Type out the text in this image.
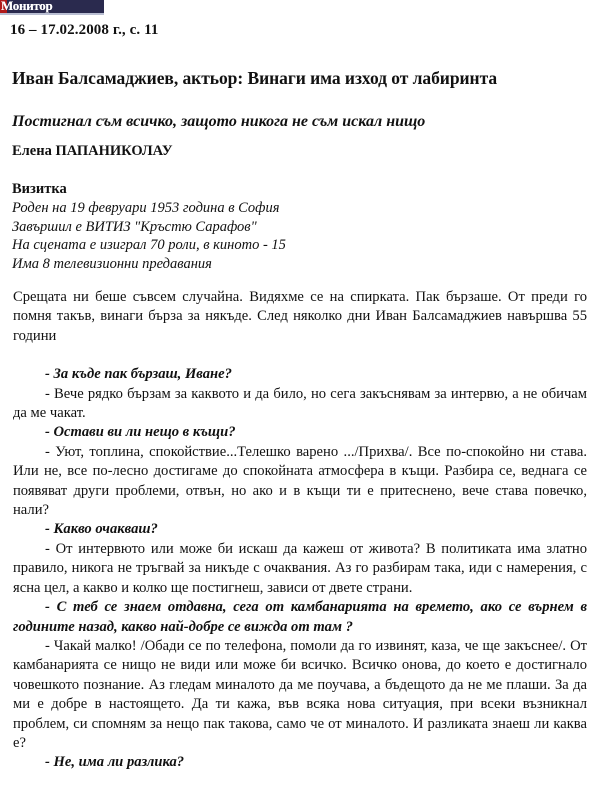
Монитор
16 – 17.02.2008 г., с. 11
Иван Балсамаджиев, актьор: Винаги има изход от лабиринта
Постигнал съм всичко, защото никога не съм искал нищо
Елена ПАПАНИКОЛАУ
Визитка
Роден на 19 февруари 1953 година в София
Завършил е ВИТИЗ "Кръстю Сарафов"
На сцената е изиграл 70 роли, в киното - 15
Има 8 телевизионни предавания

Срещата ни беше съвсем случайна. Видяхме се на спирката. Пак бързаше. От преди го помня такъв, винаги бърза за някъде. След няколко дни Иван Балсамаджиев навършва 55 години

- За къде пак бързаш, Иване?

- Вече рядко бързам за каквото и да било, но сега закъснявам за интервю, а не обичам да ме чакат.

- Остави ви ли нещо в къщи?

- Уют, топлина, спокойствие...Телешко варено .../Прихва/. Все по-спокойно ни става. Или не, все по-лесно достигаме до спокойната атмосфера в къщи. Разбира се, веднага се появяват други проблеми, отвън, но ако и в къщи ти е притеснено, вече става повечко, нали?

- Какво очакваш?

- От интервюто или може би искаш да кажеш от живота? В политиката има златно правило, никога не тръгвай за никъде с очаквания. Аз го разбирам така, иди с намерения, с ясна цел, а какво и колко ще постигнеш, зависи от двете страни.

- С теб се знаем отдавна, сега от камбанарията на времето, ако се върнем в годините назад, какво най-добре се вижда от там ?

- Чакай малко! /Обади се по телефона, помоли да го извинят, каза, че ще закъснее/. От камбанарията се нищо не види или може би всичко. Всичко онова, до което е достигнало човешкото познание. Аз гледам миналото да ме поучава, а бъдещото да не ме плаши. За да ми е добре в настоящето. Да ти кажа, във всяка нова ситуация, при всеки възникнал проблем, си спомням за нещо пак такова, само че от миналото. И разликата знаеш ли каква е?

- Не, има ли разлика?
